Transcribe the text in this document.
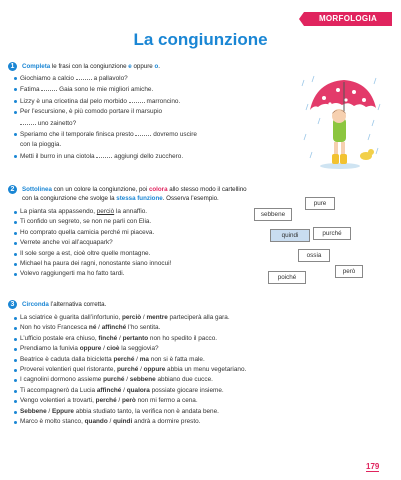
MORFOLOGIA
La congiunzione
1	Completa le frasi con la congiunzione e oppure o.
Giochiamo a calcio	a pallavolo?
Fatima	Gaia sono le mie migliori amiche.
Lizzy è una cricetina dal pelo morbido	marroncino.
Per l’escursione, è più comodo portare il marsupio
uno zainetto?
Speriamo che il temporale finisca presto	dovremo uscire
con la pioggia.
Metti il burro in una ciotola	aggiungi dello zucchero.
2	Sottolinea con un colore la congiunzione, poi colora allo stesso modo il cartellino
con la congiunzione che svolge la stessa funzione. Osserva l’esempio.
La pianta sta appassendo, perciò la annaffio.
Ti confido un segreto, se non ne parli con Elia.
Ho comprato quella camicia perché mi piaceva.
Verrete anche voi all’acquapark?
Il sole sorge a est, cioè oltre quelle montagne.
Michael ha paura dei ragni, nonostante siano innocui!
Volevo raggiungerti ma ho fatto tardi.
pure
sebbene
quindi	purché
ossia
però
poiché
3	Circonda l’alternativa corretta.
La sciatrice è guarita dall’infortunio, perciò / mentre parteciperà alla gara.
Non ho visto Francesca né / affinché l’ho sentita.
L’ufficio postale era chiuso, finché / pertanto non ho spedito il pacco.
Prendiamo la funivia oppure / cioè la seggiovia?
Beatrice è caduta dalla bicicletta perché / ma non si è fatta male.
Proverei volentieri quel ristorante, purché / oppure abbia un menu vegetariano.
I cagnolini dormono assieme purché / sebbene abbiano due cucce.
Ti accompagnerò da Lucia affinché / qualora possiate giocare insieme.
Vengo volentieri a trovarti, perché / però non mi fermo a cena.
Sebbene / Eppure abbia studiato tanto, la verifica non è andata bene.
Marco è molto stanco, quando / quindi andrà a dormire presto.
179
